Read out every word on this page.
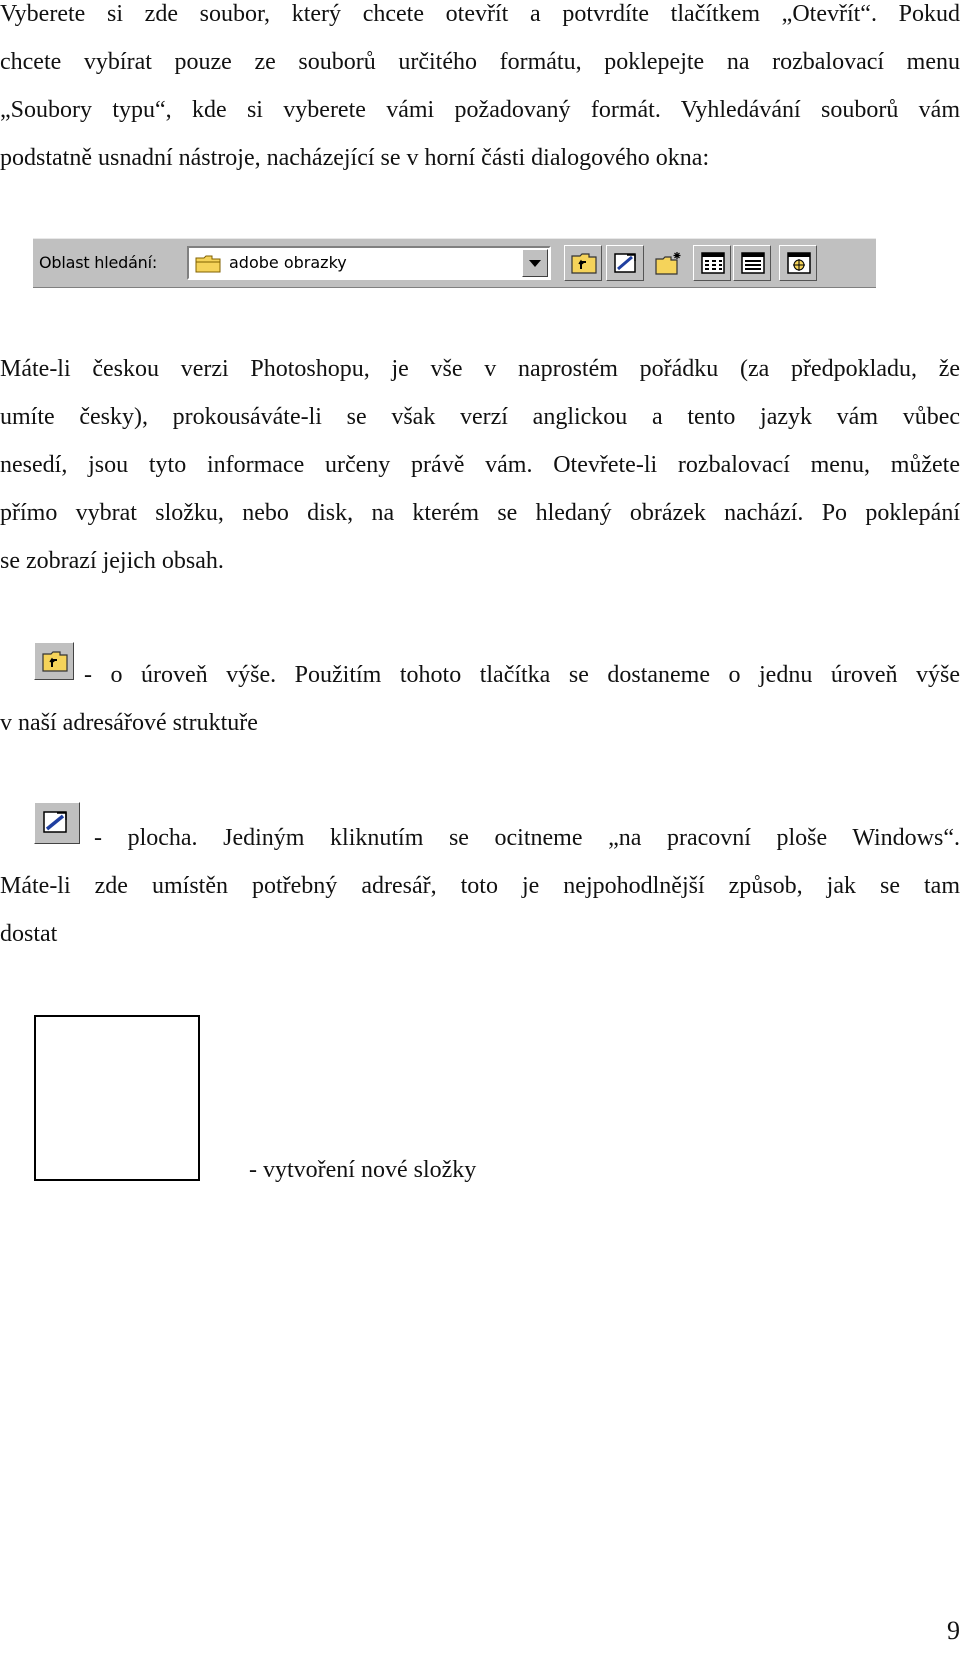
Vyberete si zde soubor, který chcete otevřít a potvrdíte tlačítkem „Otevřít“. Pokud
chcete vybírat pouze ze souborů určitého formátu, poklepejte na rozbalovací menu
„Soubory typu“, kde si vyberete vámi požadovaný formát. Vyhledávání souborů vám
podstatně usnadní nástroje, nacházející se v horní části dialogového okna:
Oblast hledání:	adobe obrazky
Máte-li českou verzi Photoshopu, je vše v naprostém pořádku (za předpokladu, že
umíte česky), prokousáváte-li se však verzí anglickou a tento jazyk vám vůbec
nesedí, jsou tyto informace určeny právě vám. Otevřete-li rozbalovací menu, můžete
přímo vybrat složku, nebo disk, na kterém se hledaný obrázek nachází. Po poklepání
se zobrazí jejich obsah.
- o úroveň výše. Použitím tohoto tlačítka se dostaneme o jednu úroveň výše
v naší adresářové struktuře
- plocha. Jediným kliknutím se ocitneme „na pracovní ploše Windows“.
Máte-li zde umístěn potřebný adresář, toto je nejpohodlnější způsob, jak se tam
dostat

- vytvoření nové složky

9
